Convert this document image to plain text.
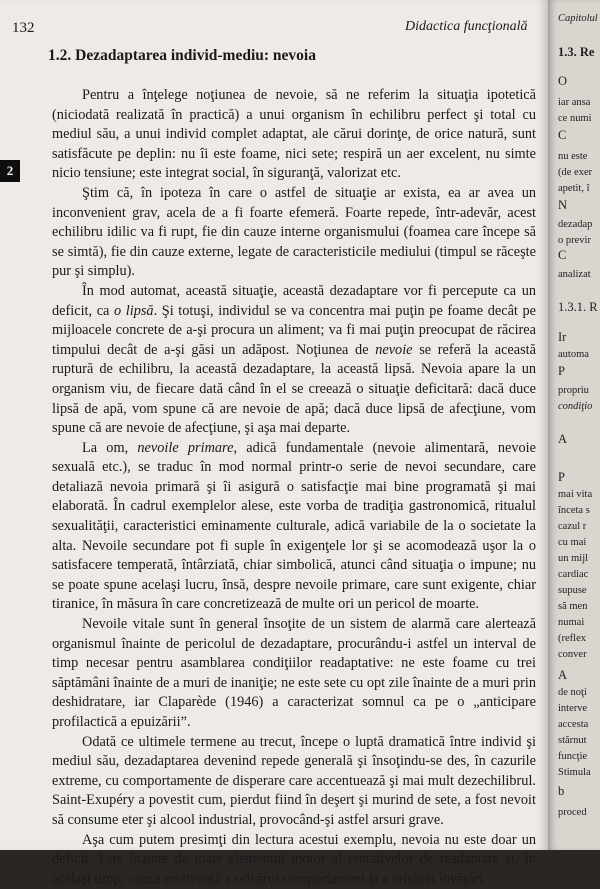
132	Didactica funcţională
2
1.2. Dezadaptarea individ-mediu: nevoia

Pentru a înţelege noţiunea de nevoie, să ne referim la situaţia ipotetică (niciodată realizată în practică) a unui organism în echilibru perfect şi total cu mediul său, a unui individ complet adaptat, ale cărui dorinţe, de orice natură, sunt satisfăcute pe deplin: nu îi este foame, nici sete; respiră un aer excelent, nu simte nicio tensiune; este integrat social, în siguranţă, valorizat etc.

Ştim că, în ipoteza în care o astfel de situaţie ar exista, ea ar avea un inconvenient grav, acela de a fi foarte efemeră. Foarte repede, într-adevăr, acest echilibru idilic va fi rupt, fie din cauze interne organismului (foamea care începe să se simtă), fie din cauze externe, legate de caracteristicile mediului (timpul se răceşte pur şi simplu).

În mod automat, această situaţie, această dezadaptare vor fi percepute ca un deficit, ca o lipsă. Şi totuşi, individul se va concentra mai puţin pe foame decât pe mijloacele concrete de a-şi procura un aliment; va fi mai puţin preocupat de răcirea timpului decât de a-şi găsi un adăpost. Noţiunea de nevoie se referă la această ruptură de echilibru, la această dezadaptare, la această lipsă. Nevoia apare la un organism viu, de fiecare dată când în el se creează o situaţie deficitară: dacă duce lipsă de apă, vom spune că are nevoie de apă; dacă duce lipsă de afecţiune, vom spune că are nevoie de afecţiune, şi aşa mai departe.

La om, nevoile primare, adică fundamentale (nevoie alimentară, nevoie sexuală etc.), se traduc în mod normal printr-o serie de nevoi secundare, care detaliază nevoia primară şi îi asigură o satisfacţie mai bine programată şi mai elaborată. În cadrul exemplelor alese, este vorba de tradiţia gastronomică, ritualul sexualităţii, caracteristici eminamente culturale, adică variabile de la o societate la alta. Nevoile secundare pot fi suple în exigenţele lor şi se acomodează uşor la o satisfacere temperată, întârziată, chiar simbolică, atunci când situaţia o impune; nu se poate spune acelaşi lucru, însă, despre nevoile primare, care sunt exigente, chiar tiranice, în măsura în care concretizează de multe ori un pericol de moarte.

Nevoile vitale sunt în general însoţite de un sistem de alarmă care alertează organismul înainte de pericolul de dezadaptare, procurându-i astfel un interval de timp necesar pentru asamblarea condiţiilor readaptative: ne este foame cu trei săptămâni înainte de a muri de inaniţie; ne este sete cu opt zile înainte de a muri prin deshidratare, iar Claparède (1946) a caracterizat somnul ca pe o „anticipare profilactică a epuizării”.

Odată ce ultimele termene au trecut, începe o luptă dramatică între individ şi mediul său, dezadaptarea devenind repede generală şi însoţindu-se des, în cazurile extreme, cu comportamente de disperare care accentuează şi mai mult dezechilibrul. Saint-Exupéry a povestit cum, pierdut fiind în deşert şi murind de sete, a fost nevoit să consume eter şi alcool industrial, provocând-şi astfel arsuri grave.

Aşa cum putem presimţi din lectura acestui exemplu, nevoia nu este doar un deficit. Este înainte de toate elementul motor al tentativelor de readaptare şi, în acelaşi timp, cauza motivantă a oricărui comportament şi a oricărei învăţări.

Capitolul
1.3. Re
O
iar ansa
ce numi
C
nu este
(de exer
apetit, î
N
dezadap
o previr
C
analizat
1.3.1. R
Ir
automa
P
propriu
condiţio
A
P
mai vita
înceta s
cazul r
cu mai
un mijl
cardiac
supuse
să men
numai
(reflex
conver
A
de noţi
interve
accesta
stărnut
funcţie
Stimula
b
proced
